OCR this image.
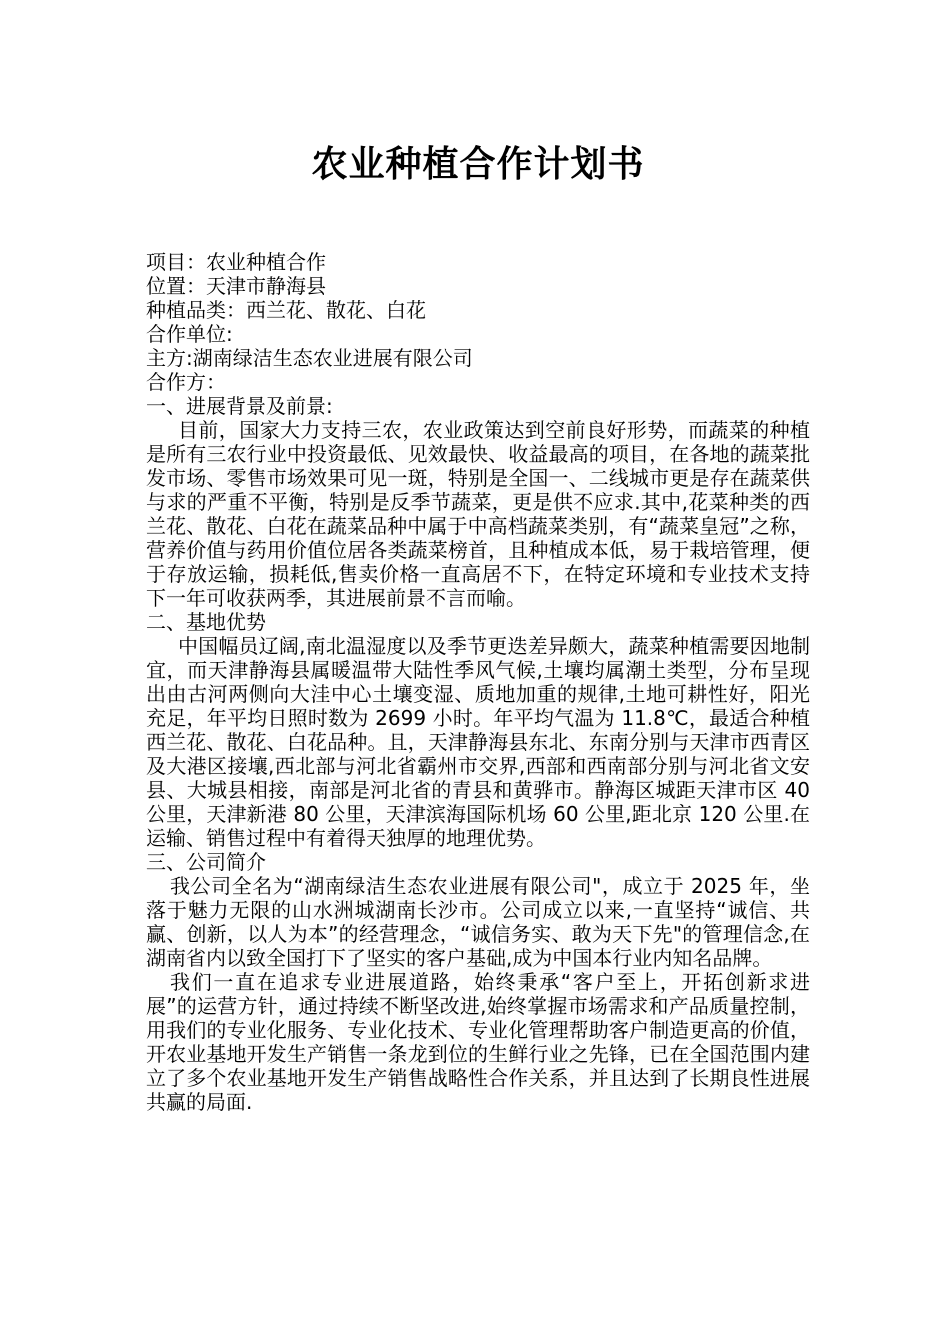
农业种植合作计划书

项目：农业种植合作

位置：天津市静海县

种植品类：西兰花、散花、白花

合作单位:

主方:湖南绿洁生态农业进展有限公司

合作方：

一、进展背景及前景:

目前，国家大力支持三农，农业政策达到空前良好形势，而蔬菜的种植是所有三农行业中投资最低、见效最快、收益最高的项目，在各地的蔬菜批发市场、零售市场效果可见一斑，特别是全国一、二线城市更是存在蔬菜供与求的严重不平衡，特别是反季节蔬菜，更是供不应求.其中,花菜种类的西兰花、散花、白花在蔬菜品种中属于中高档蔬菜类别，有“蔬菜皇冠”之称，营养价值与药用价值位居各类蔬菜榜首，且种植成本低，易于栽培管理，便于存放运输，损耗低,售卖价格一直高居不下，在特定环境和专业技术支持下一年可收获两季，其进展前景不言而喻。

二、基地优势

中国幅员辽阔,南北温湿度以及季节更迭差异颇大，蔬菜种植需要因地制宜，而天津静海县属暖温带大陆性季风气候,土壤均属潮土类型，分布呈现出由古河两侧向大洼中心土壤变湿、质地加重的规律,土地可耕性好，阳光充足，年平均日照时数为 2699 小时。年平均气温为 11.8℃，最适合种植西兰花、散花、白花品种。且，天津静海县东北、东南分别与天津市西青区及大港区接壤,西北部与河北省霸州市交界,西部和西南部分别与河北省文安县、大城县相接，南部是河北省的青县和黄骅市。静海区城距天津市区 40 公里，天津新港 80 公里，天津滨海国际机场 60 公里,距北京 120 公里.在运输、销售过程中有着得天独厚的地理优势。

三、公司简介

我公司全名为“湖南绿洁生态农业进展有限公司"，成立于 2025 年，坐落于魅力无限的山水洲城湖南长沙市。公司成立以来,一直坚持“诚信、共赢、创新，以人为本”的经营理念，“诚信务实、敢为天下先"的管理信念,在湖南省内以致全国打下了坚实的客户基础,成为中国本行业内知名品牌。

我们一直在追求专业进展道路，始终秉承“客户至上，开拓创新求进展”的运营方针，通过持续不断坚改进,始终掌握市场需求和产品质量控制，用我们的专业化服务、专业化技术、专业化管理帮助客户制造更高的价值，开农业基地开发生产销售一条龙到位的生鲜行业之先锋，已在全国范围内建立了多个农业基地开发生产销售战略性合作关系，并且达到了长期良性进展共赢的局面.
